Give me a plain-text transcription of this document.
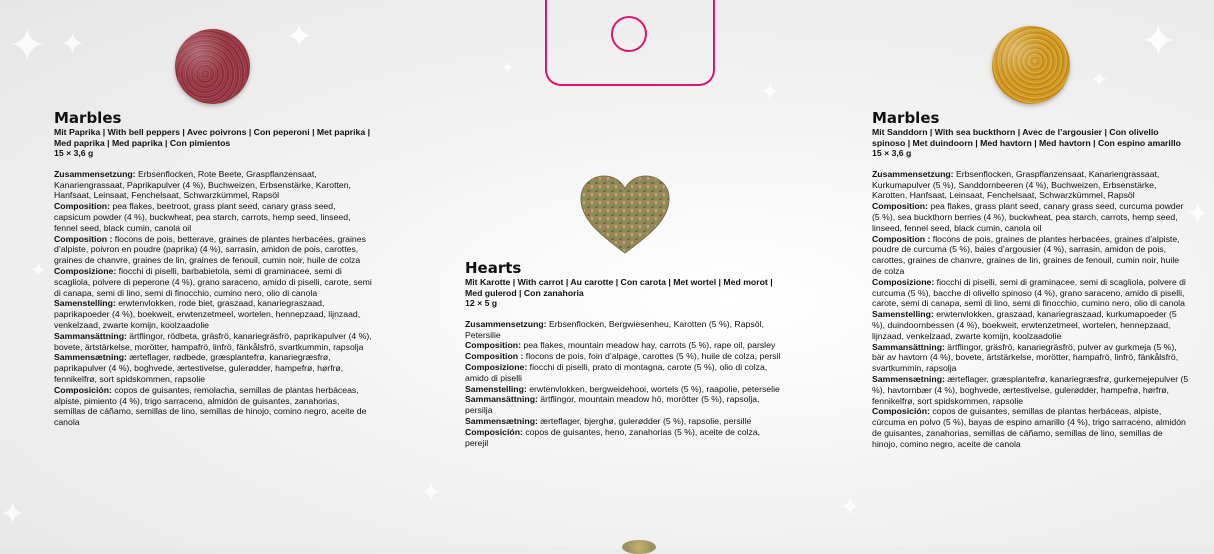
✦ ✦	✦
✦
✦
✦
✦
✦
✦	✦
✦
✦
Marbles

Mit Paprika | With bell peppers | Avec poivrons | Con peperoni | Met paprika | Med paprika | Med paprika | Con pimientos

15 × 3,6 g

Zusammensetzung: Erbsenflocken, Rote Beete, Graspflanzensaat, Kanariengrassaat, Paprikapulver (4 %), Buchweizen, Erbsenstärke, Karotten, Hanfsaat, Leinsaat, Fenchelsaat, Schwarzkümmel, Rapsöl

Composition: pea flakes, beetroot, grass plant seed, canary grass seed, capsicum powder (4 %), buckwheat, pea starch, carrots, hemp seed, linseed, fennel seed, black cumin, canola oil

Composition : flocons de pois, betterave, graines de plantes herbacées, graines d’alpiste, poivron en poudre (paprika) (4 %), sarrasin, amidon de pois, carottes, graines de chanvre, graines de lin, graines de fenouil, cumin noir, huile de colza

Composizione: fiocchi di piselli, barbabietola, semi di graminacee, semi di scagliola, polvere di peperone (4 %), grano saraceno, amido di piselli, carote, semi di canapa, semi di lino, semi di finocchio, cumino nero, olio di canola

Samenstelling: erwtenvlokken, rode biet, graszaad, kanariegraszaad, paprikapoeder (4 %), boekweit, erwtenzetmeel, wortelen, hennepzaad, lijnzaad, venkelzaad, zwarte komijn, koolzaadolie

Sammansättning: ärtflingor, rödbeta, gräsfrö, kanariegräsfrö, paprikapulver (4 %), bovete, ärtstärkelse, morötter, hampafrö, linfrö, fänkålsfrö, svartkummin, rapsolja

Sammensætning: ærteflager, rødbede, græsplantefrø, kanariegræsfrø, paprikapulver (4 %), boghvede, ærtestivelse, gulerødder, hampefrø, hørfrø, fennikelfrø, sort spidskommen, rapsolie

Composición: copos de guisantes, remolacha, semillas de plantas herbáceas, alpiste, pimiento (4 %), trigo sarraceno, almidón de guisantes, zanahorias, semillas de cáñamo, semillas de lino, semillas de hinojo, comino negro, aceite de canola

Hearts

Mit Karotte | With carrot | Au carotte | Con carota | Met wortel | Med morot | Med gulerod | Con zanahoria

12 × 5 g

Zusammensetzung: Erbsenflocken, Bergwiesenheu, Karotten (5 %), Rapsöl, Petersilie

Composition: pea flakes, mountain meadow hay, carrots (5 %), rape oil, parsley

Composition : flocons de pois, foin d’alpage, carottes (5 %), huile de colza, persil

Composizione: fiocchi di piselli, prato di montagna, carote (5 %), olio di colza, amido di piselli

Samenstelling: erwtenvlokken, bergweidehooi, wortels (5 %), raapolie, peterselie

Sammansättning: ärtflingor, mountain meadow hö, morötter (5 %), rapsolja, persilja

Sammensætning: ærteflager, bjerghø, gulerødder (5 %), rapsolie, persille

Composición: copos de guisantes, heno, zanahorias (5 %), aceite de colza, perejil

Marbles

Mit Sanddorn | With sea buckthorn | Avec de l’argousier | Con olivello spinoso | Met duindoorn | Med havtorn | Med havtorn | Con espino amarillo

15 × 3,6 g

Zusammensetzung: Erbsenflocken, Graspflanzensaat, Kanariengrassaat, Kurkumapulver (5 %), Sanddornbeeren (4 %), Buchweizen, Erbsenstärke, Karotten, Hanfsaat, Leinsaat, Fenchelsaat, Schwarzkümmel, Rapsöl

Composition: pea flakes, grass plant seed, canary grass seed, curcuma powder (5 %), sea buckthorn berries (4 %), buckwheat, pea starch, carrots, hemp seed, linseed, fennel seed, black cumin, canola oil

Composition : flocons de pois, graines de plantes herbacées, graines d’alpiste, poudre de curcuma (5 %), baies d’argousier (4 %), sarrasin, amidon de pois, carottes, graines de chanvre, graines de lin, graines de fenouil, cumin noir, huile de colza

Composizione: fiocchi di piselli, semi di graminacee, semi di scagliola, polvere di curcuma (5 %), bacche di olivello spinoso (4 %), grano saraceno, amido di piselli, carote, semi di canapa, semi di lino, semi di finocchio, cumino nero, olio di canola

Samenstelling: erwtenvlokken, graszaad, kanariegraszaad, kurkumapoeder (5 %), duindoornbessen (4 %), boekweit, erwtenzetmeel, wortelen, hennepzaad, lijnzaad, venkelzaad, zwarte komijn, koolzaadolie

Sammansättning: ärtflingor, gräsfrö, kanariegräsfrö, pulver av gurkmeja (5 %), bär av havtorn (4 %), bovete, ärtstärkelse, morötter, hampafrö, linfrö, fänkålsfrö, svartkummin, rapsolja

Sammensætning: ærteflager, græsplantefrø, kanariegræsfrø, gurkemejepulver (5 %), havtornbær (4 %), boghvede, ærtestivelse, gulerødder, hampefrø, hørfrø, fennikelfrø, sort spidskommen, rapsolie

Composición: copos de guisantes, semillas de plantas herbáceas, alpiste, cúrcuma en polvo (5 %), bayas de espino amarillo (4 %), trigo sarraceno, almidón de guisantes, zanahorias, semillas de cáñamo, semillas de lino, semillas de hinojo, comino negro, aceite de canola
